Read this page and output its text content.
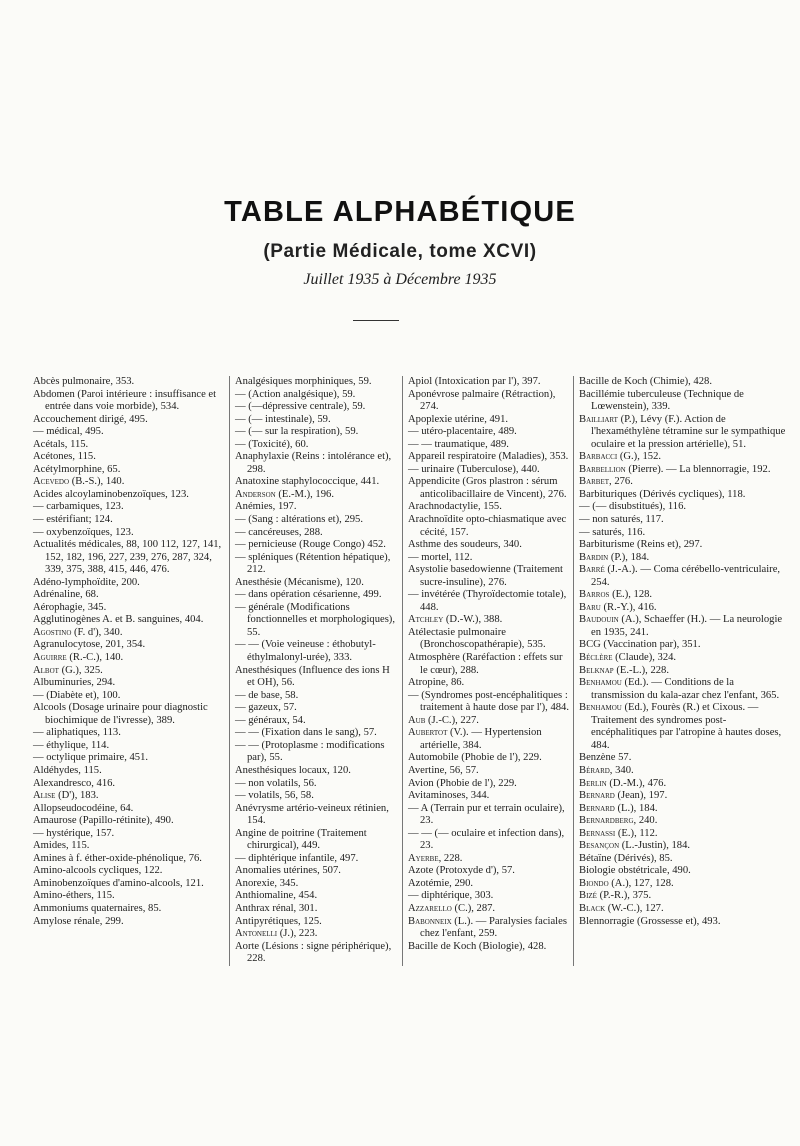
TABLE ALPHABÉTIQUE
(Partie Médicale, tome XCVI)
Juillet 1935 à Décembre 1935
Abcès pulmonaire, 353.
Abdomen (Paroi intérieure : insuffisance et entrée dans voie morbide), 534.
Accouchement dirigé, 495.
— médical, 495.
Acétals, 115.
Acétones, 115.
Acétylmorphine, 65.
Acevedo (B.-S.), 140.
Acides alcoylaminobenzoïques, 123.
— carbamiques, 123.
— estérifiant; 124.
— oxybenzoïques, 123.
Actualités médicales, 88, 100 112, 127, 141, 152, 182, 196, 227, 239, 276, 287, 324, 339, 375, 388, 415, 446, 476.
Adéno-lymphoïdite, 200.
Adrénaline, 68.
Aérophagie, 345.
Agglutinogènes A. et B. sanguines, 404.
Agostino (F. d'), 340.
Agranulocytose, 201, 354.
Aguirre (R.-C.), 140.
Albot (G.), 325.
Albuminuries, 294.
— (Diabète et), 100.
Alcools (Dosage urinaire pour diagnostic biochimique de l'ivresse), 389.
— aliphatiques, 113.
— éthylique, 114.
— octylique primaire, 451.
Aldéhydes, 115.
Alexandresco, 416.
Alise (D'), 183.
Allopseudocodéine, 64.
Amaurose (Papillo-rétinite), 490.
— hystérique, 157.
Amides, 115.
Amines à f. éther-oxide-phénolique, 76.
Amino-alcools cycliques, 122.
Aminobenzoïques d'amino-alcools, 121.
Amino-éthers, 115.
Ammoniums quaternaires, 85.
Amylose rénale, 299.
Analgésiques morphiniques, 59.
— (Action analgésique), 59.
— (—dépressive centrale), 59.
— (— intestinale), 59.
— (— sur la respiration), 59.
— (Toxicité), 60.
Anaphylaxie (Reins : intolérance et), 298.
Anatoxine staphylococcique, 441.
Anderson (E.-M.), 196.
Anémies, 197.
— (Sang : altérations et), 295.
— cancéreuses, 288.
— pernicieuse (Rouge Congo) 452.
— spléniques (Rétention hépatique), 212.
Anesthésie (Mécanisme), 120.
— dans opération césarienne, 499.
— générale (Modifications fonctionnelles et morphologiques), 55.
— — (Voie veineuse : éthobutyl-éthylmalonyl-urée), 333.
Anesthésiques (Influence des ions H et OH), 56.
— de base, 58.
— gazeux, 57.
— généraux, 54.
— — (Fixation dans le sang), 57.
— — (Protoplasme : modifications par), 55.
Anesthésiques locaux, 120.
— non volatils, 56.
— volatils, 56, 58.
Anévrysme artério-veineux rétinien, 154.
Angine de poitrine (Traitement chirurgical), 449.
— diphtérique infantile, 497.
Anomalies utérines, 507.
Anorexie, 345.
Anthiomaline, 454.
Anthrax rénal, 301.
Antipyrétiques, 125.
Antonelli (J.), 223.
Aorte (Lésions : signe périphérique), 228.
Apiol (Intoxication par l'), 397.
Aponévrose palmaire (Rétraction), 274.
Apoplexie utérine, 491.
— utéro-placentaire, 489.
— — traumatique, 489.
Appareil respiratoire (Maladies), 353.
— urinaire (Tuberculose), 440.
Appendicite (Gros plastron : sérum anticolibacillaire de Vincent), 276.
Arachnodactylie, 155.
Arachnoïdite opto-chiasmatique avec cécité, 157.
Asthme des soudeurs, 340.
— mortel, 112.
Asystolie basedowienne (Traitement sucre-insuline), 276.
— invétérée (Thyroïdectomie totale), 448.
Atchley (D.-W.), 388.
Atélectasie pulmonaire (Bronchoscopathérapie), 535.
Atmosphère (Raréfaction : effets sur le cœur), 288.
Atropine, 86.
— (Syndromes post-encéphalitiques : traitement à haute dose par l'), 484.
Aub (J.-C.), 227.
Aubertot (V.). — Hypertension artérielle, 384.
Automobile (Phobie de l'), 229.
Avertine, 56, 57.
Avion (Phobie de l'), 229.
Avitaminoses, 344.
— A (Terrain pur et terrain oculaire), 23.
— — (— oculaire et infection dans), 23.
Ayerbe, 228.
Azote (Protoxyde d'), 57.
Azotémie, 290.
— diphtérique, 303.
Azzarello (C.), 287.
Babonneix (L.). — Paralysies faciales chez l'enfant, 259.
Bacille de Koch (Biologie), 428.
Bacille de Koch (Chimie), 428.
Bacillémie tuberculeuse (Technique de Lœwenstein), 339.
Bailliart (P.), Lévy (F.). Action de l'hexaméthylène tétramine sur le sympathique oculaire et la pression artérielle), 51.
Barbacci (G.), 152.
Barbellion (Pierre). — La blennorragie, 192.
Barbet, 276.
Barbituriques (Dérivés cycliques), 118.
— (— disubstitués), 116.
— non saturés, 117.
— saturés, 116.
Barbiturisme (Reins et), 297.
Bardin (P.), 184.
Barré (J.-A.). — Coma cérébello-ventriculaire, 254.
Barros (E.), 128.
Baru (R.-Y.), 416.
Baudouin (A.), Schaeffer (H.). — La neurologie en 1935, 241.
BCG (Vaccination par), 351.
Béclère (Claude), 324.
Belknap (E.-L.), 228.
Benhamou (Ed.). — Conditions de la transmission du kala-azar chez l'enfant, 365.
Benhamou (Ed.), Fourès (R.) et Cixous. — Traitement des syndromes post-encéphalitiques par l'atropine à hautes doses, 484.
Benzène 57.
Bérard, 340.
Berlin (D.-M.), 476.
Bernard (Jean), 197.
Bernard (L.), 184.
Bernardberg, 240.
Bernassi (E.), 112.
Besançon (L.-Justin), 184.
Bétaïne (Dérivés), 85.
Biologie obstétricale, 490.
Biondo (A.), 127, 128.
Bizé (P.-R.), 375.
Black (W.-C.), 127.
Blennorragie (Grossesse et), 493.
